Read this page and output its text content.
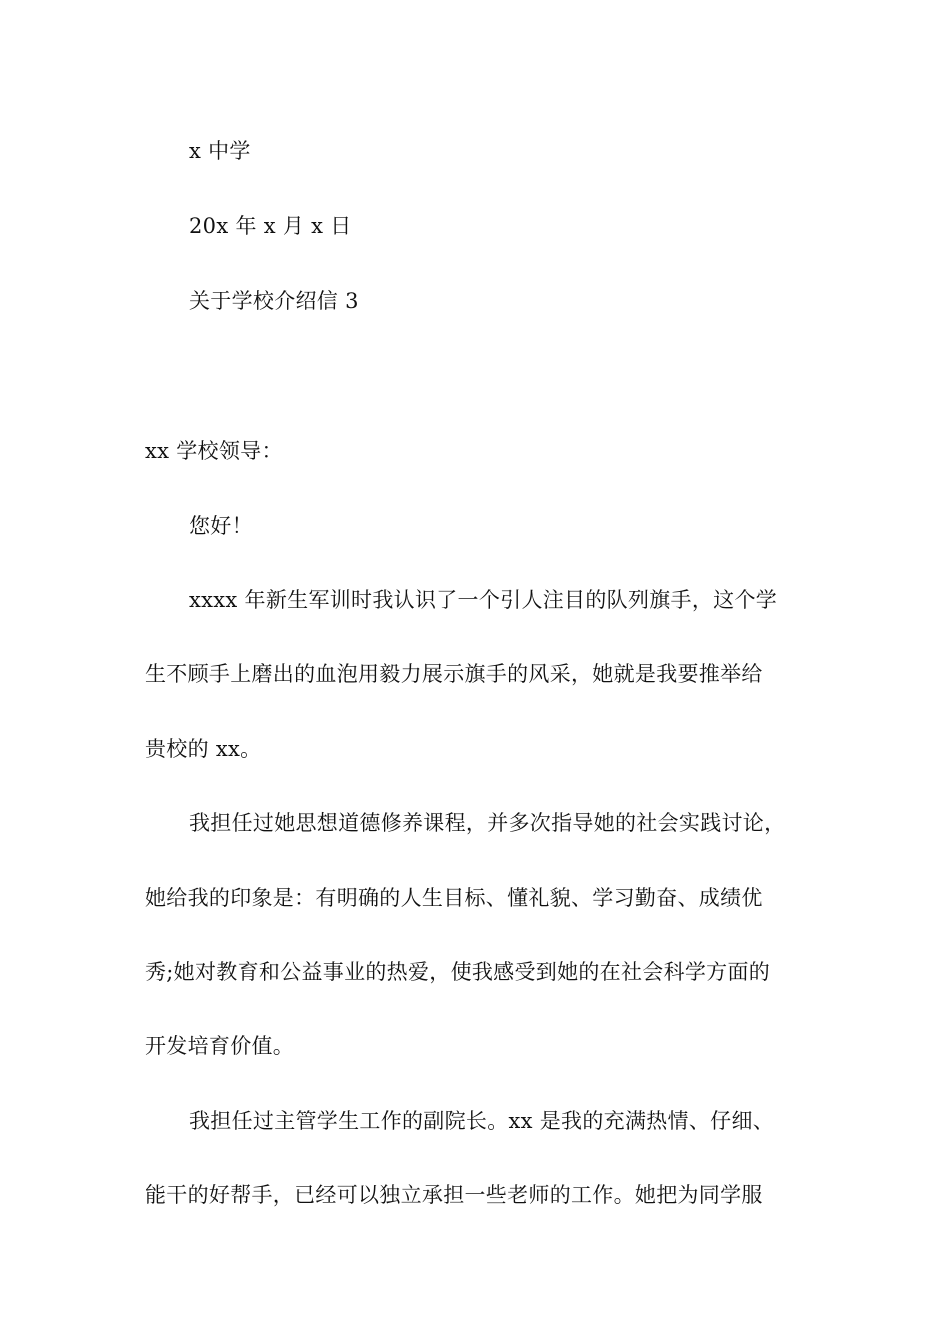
x 中学
20x 年 x 月 x 日
关于学校介绍信 3
xx 学校领导：
您好！
xxxx 年新生军训时我认识了一个引人注目的队列旗手，这个学
生不顾手上磨出的血泡用毅力展示旗手的风采，她就是我要推举给
贵校的 xx。
我担任过她思想道德修养课程，并多次指导她的社会实践讨论，
她给我的印象是：有明确的人生目标、懂礼貌、学习勤奋、成绩优
秀;她对教育和公益事业的热爱，使我感受到她的在社会科学方面的
开发培育价值。
我担任过主管学生工作的副院长。xx 是我的充满热情、仔细、
能干的好帮手，已经可以独立承担一些老师的工作。她把为同学服
